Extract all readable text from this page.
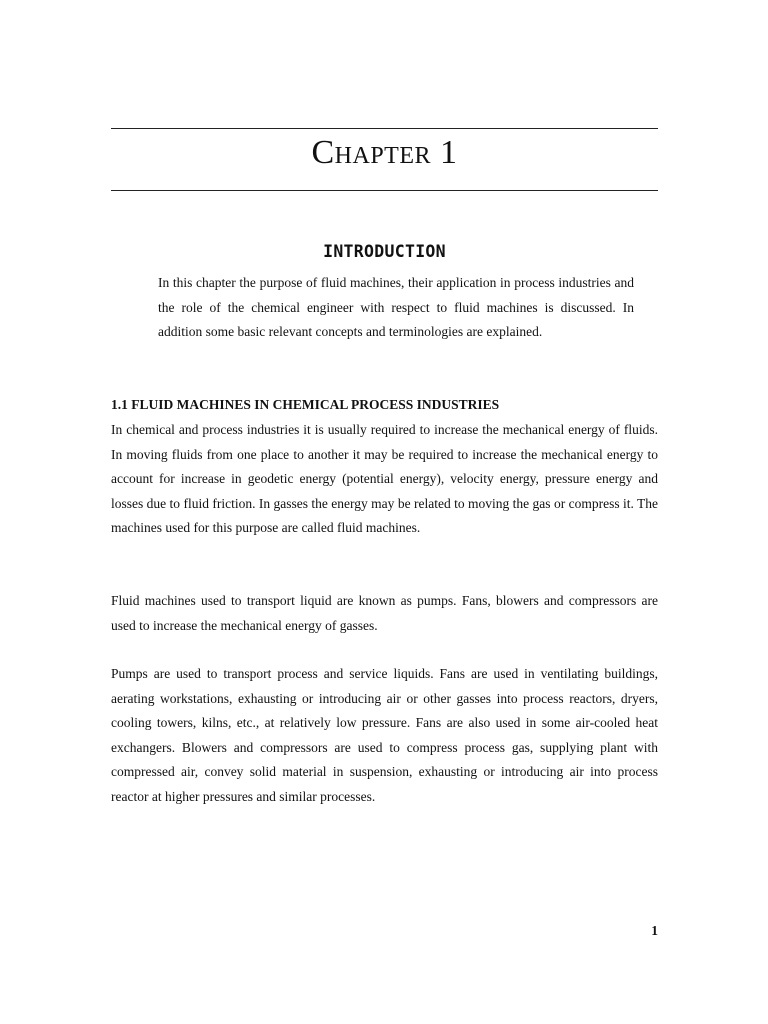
Chapter 1
INTRODUCTION

In this chapter the purpose of fluid machines, their application in process industries and the role of the chemical engineer with respect to fluid machines is discussed. In addition some basic relevant concepts and terminologies are explained.

1.1 FLUID MACHINES IN CHEMICAL PROCESS INDUSTRIES

In chemical and process industries it is usually required to increase the mechanical energy of fluids. In moving fluids from one place to another it may be required to increase the mechanical energy to account for increase in geodetic energy (potential energy), velocity energy, pressure energy and losses due to fluid friction. In gasses the energy may be related to moving the gas or compress it. The machines used for this purpose are called fluid machines.

Fluid machines used to transport liquid are known as pumps. Fans, blowers and compressors are used to increase the mechanical energy of gasses.

Pumps are used to transport process and service liquids. Fans are used in ventilating buildings, aerating workstations, exhausting or introducing air or other gasses into process reactors, dryers, cooling towers, kilns, etc., at relatively low pressure. Fans are also used in some air-cooled heat exchangers. Blowers and compressors are used to compress process gas, supplying plant with compressed air, convey solid material in suspension, exhausting or introducing air into process reactor at higher pressures and similar processes.

1
